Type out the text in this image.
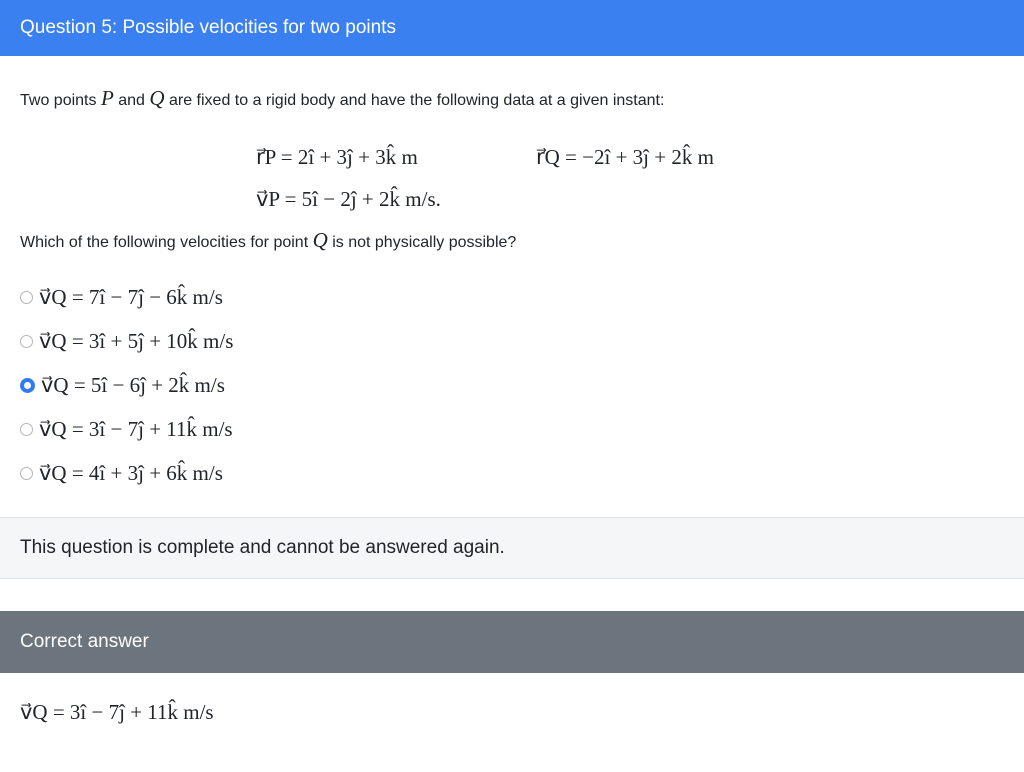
Question 5: Possible velocities for two points

Two points P and Q are fixed to a rigid body and have the following data at a given instant:

r⃗P = 2î + 3ĵ + 3k̂ m	r⃗Q = −2î + 3ĵ + 2k̂ m
v⃗P = 5î − 2ĵ + 2k̂ m/s.

Which of the following velocities for point Q is not physically possible?

v⃗Q = 7î − 7ĵ − 6k̂ m/s
v⃗Q = 3î + 5ĵ + 10k̂ m/s
v⃗Q = 5î − 6ĵ + 2k̂ m/s
v⃗Q = 3î − 7ĵ + 11k̂ m/s
v⃗Q = 4î + 3ĵ + 6k̂ m/s
This question is complete and cannot be answered again.
Correct answer
v⃗Q = 3î − 7ĵ + 11k̂ m/s
